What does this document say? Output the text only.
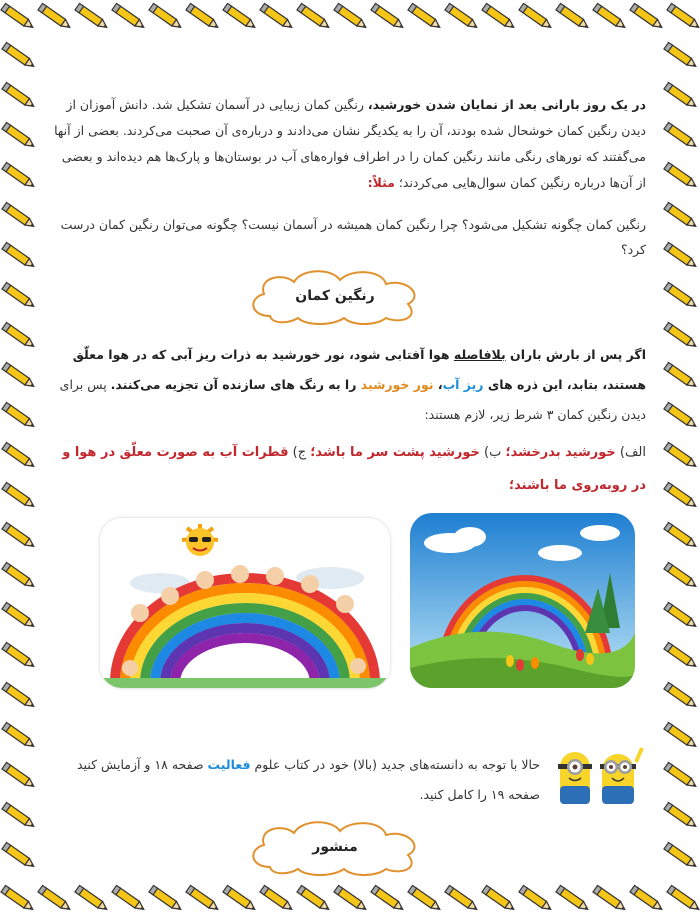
در یک روز بارانی بعد از نمایان شدن خورشید، رنگین کمان زیبایی در آسمان تشکیل شد. دانش آموزان از دیدن رنگین کمان خوشحال شده بودند، آن را به یکدیگر نشان می‌دادند و درباره‌ی آن صحبت می‌کردند. بعضی از آنها می‌گفتند که نورهای رنگی مانند رنگین کمان را در اطراف فواره‌های آب در بوستان‌ها و پارک‌ها هم دیده‌اند و بعضی از آن‌ها درباره رنگین کمان سوال‌هایی می‌کردند؛ مثلاً:

رنگین کمان چگونه تشکیل می‌شود؟ چرا رنگین کمان همیشه در آسمان نیست؟ چگونه می‌توان رنگین کمان درست کرد؟

رنگین کمان

اگر پس از بارش باران بلافاصله هوا آفتابی شود، نور خورشید به ذرات ریز آبی که در هوا معلّق هستند، بتابد، این ذره های ریز آب، نور خورشید را به رنگ های سازنده آن تجزیه می‌کنند. پس برای دیدن رنگین کمان ۳ شرط زیر، لازم هستند:

الف) خورشید بدرخشد؛ ب) خورشید پشت سر ما باشد؛ ج) قطرات آب به صورت معلّق در هوا و در روبه‌روی ما باشند؛

حالا با توجه به دانسته‌های جدید (بالا) خود در کتاب علوم فعالیت صفحه ۱۸ و آزمایش کنید صفحه ۱۹ را کامل کنید.
منشور
